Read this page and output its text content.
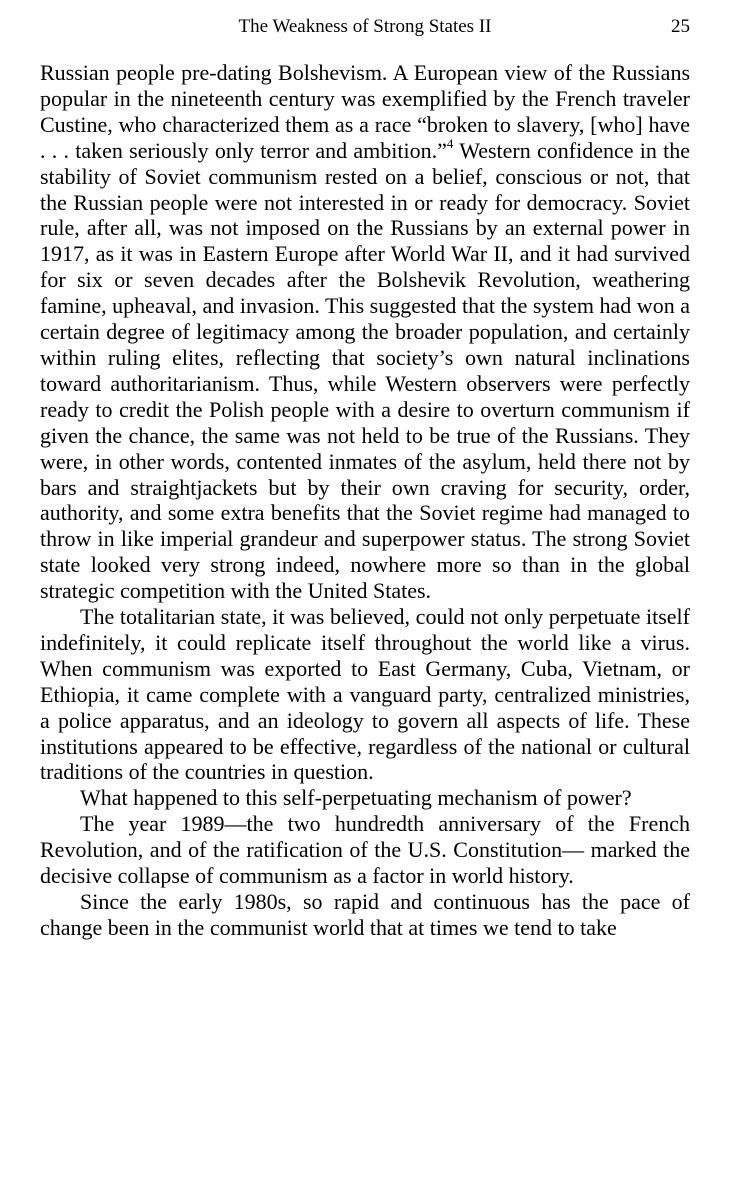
The Weakness of Strong States II	25

Russian people pre-dating Bolshevism. A European view of the Russians popular in the nineteenth century was exemplified by the French traveler Custine, who characterized them as a race “broken to slavery, [who] have . . . taken seriously only terror and ambition.”$^4$ Western confidence in the stability of Soviet communism rested on a belief, conscious or not, that the Russian people were not interested in or ready for democracy. Soviet rule, after all, was not imposed on the Russians by an external power in 1917, as it was in Eastern Europe after World War II, and it had survived for six or seven decades after the Bolshevik Revolution, weathering famine, upheaval, and invasion. This suggested that the system had won a certain degree of legitimacy among the broader population, and certainly within ruling elites, reflecting that society’s own natural inclinations toward authoritarianism. Thus, while Western observers were perfectly ready to credit the Polish people with a desire to overturn communism if given the chance, the same was not held to be true of the Russians. They were, in other words, contented inmates of the asylum, held there not by bars and straightjackets but by their own craving for security, order, authority, and some extra benefits that the Soviet regime had managed to throw in like imperial grandeur and superpower status. The strong Soviet state looked very strong indeed, nowhere more so than in the global strategic competition with the United States.

The totalitarian state, it was believed, could not only perpetuate itself indefinitely, it could replicate itself throughout the world like a virus. When communism was exported to East Germany, Cuba, Vietnam, or Ethiopia, it came complete with a vanguard party, centralized ministries, a police apparatus, and an ideology to govern all aspects of life. These institutions appeared to be effective, regardless of the national or cultural traditions of the countries in question.

What happened to this self-perpetuating mechanism of power?

The year 1989—the two hundredth anniversary of the French Revolution, and of the ratification of the U.S. Constitution— marked the decisive collapse of communism as a factor in world history.

Since the early 1980s, so rapid and continuous has the pace of change been in the communist world that at times we tend to take
